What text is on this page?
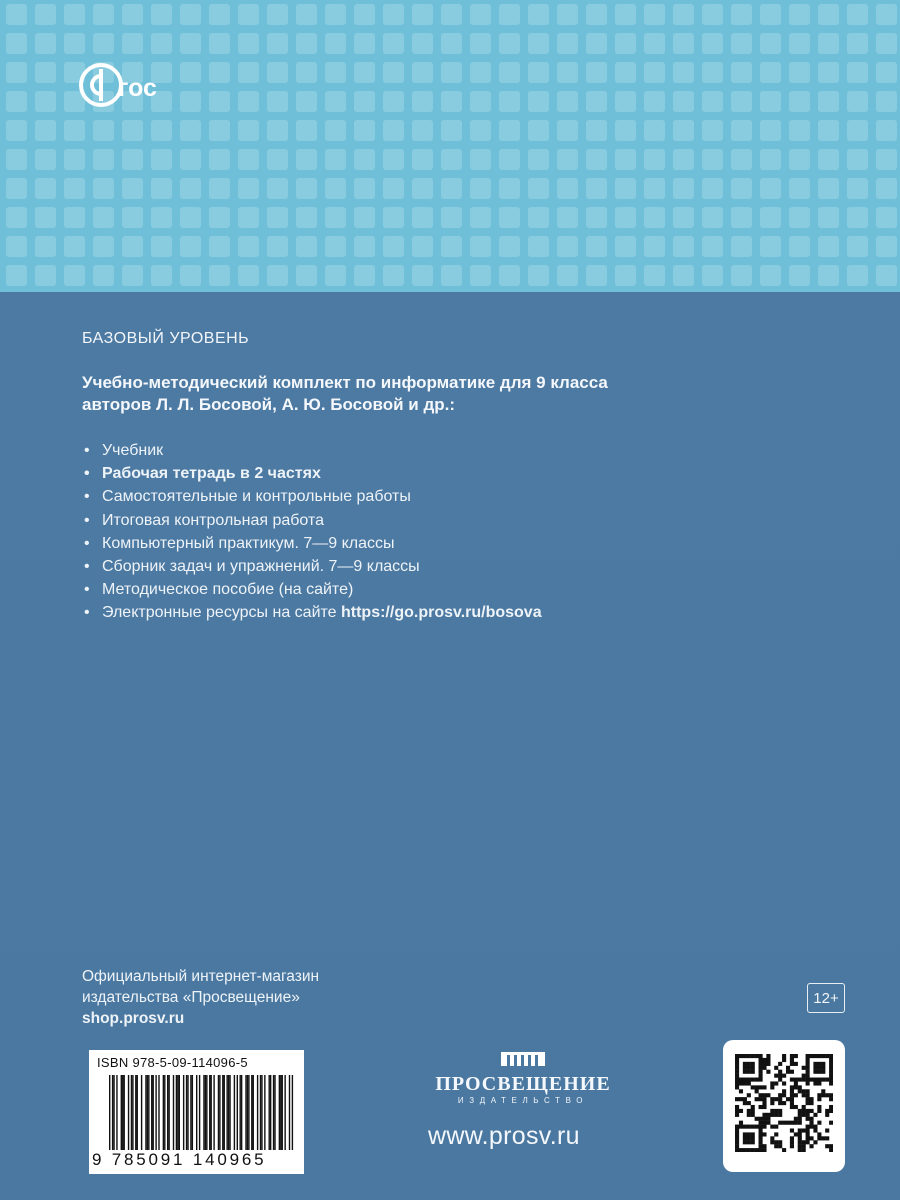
гос
БАЗОВЫЙ УРОВЕНЬ
Учебно-методический комплект по информатике для 9 класса
авторов Л. Л. Босовой, А. Ю. Босовой и др.:
• Учебник
• Рабочая тетрадь в 2 частях
• Самостоятельные и контрольные работы
• Итоговая контрольная работа
• Компьютерный практикум. 7—9 классы
• Сборник задач и упражнений. 7—9 классы
• Методическое пособие (на сайте)
• Электронные ресурсы на сайте https://go.prosv.ru/bosova
Официальный интернет-магазин
издательства «Просвещение»
shop.prosv.ru
12+
ISBN 978-5-09-114096-5
9 785091 140965
ПРОСВЕЩЕНИЕ
ИЗДАТЕЛЬСТВО
www.prosv.ru
